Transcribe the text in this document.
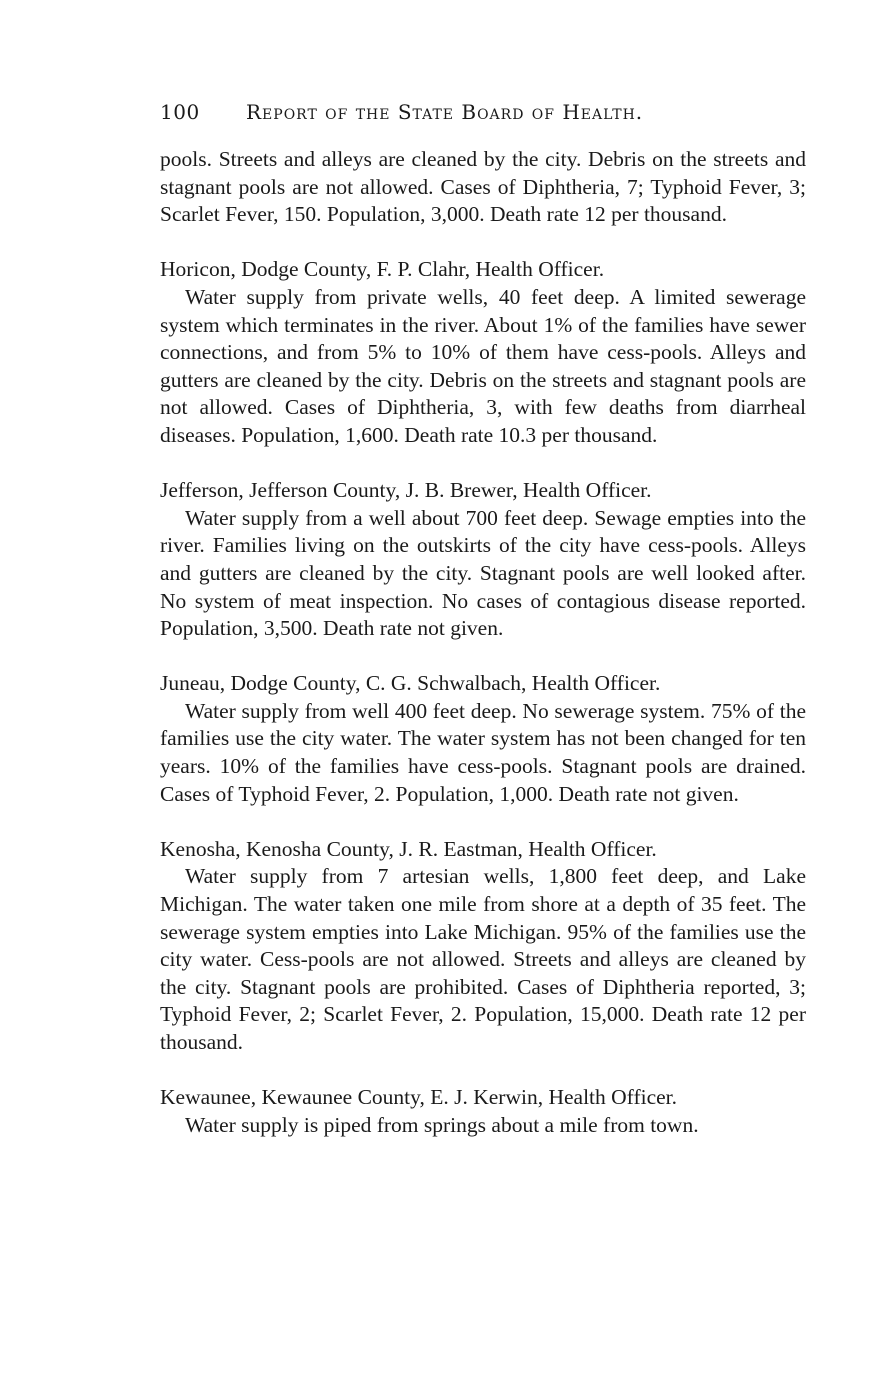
100	Report of the State Board of Health.

pools. Streets and alleys are cleaned by the city. Debris on the streets and stagnant pools are not allowed. Cases of Diphtheria, 7; Typhoid Fever, 3; Scarlet Fever, 150. Population, 3,000. Death rate 12 per thousand.

Horicon, Dodge County, F. P. Clahr, Health Officer.

Water supply from private wells, 40 feet deep. A limited sewerage system which terminates in the river. About 1% of the families have sewer connections, and from 5% to 10% of them have cess-pools. Alleys and gutters are cleaned by the city. Debris on the streets and stagnant pools are not allowed. Cases of Diphtheria, 3, with few deaths from diarrheal diseases. Population, 1,600. Death rate 10.3 per thousand.

Jefferson, Jefferson County, J. B. Brewer, Health Officer.

Water supply from a well about 700 feet deep. Sewage empties into the river. Families living on the outskirts of the city have cess-pools. Alleys and gutters are cleaned by the city. Stagnant pools are well looked after. No system of meat inspection. No cases of contagious disease reported. Population, 3,500. Death rate not given.

Juneau, Dodge County, C. G. Schwalbach, Health Officer.

Water supply from well 400 feet deep. No sewerage system. 75% of the families use the city water. The water system has not been changed for ten years. 10% of the families have cess-pools. Stagnant pools are drained. Cases of Typhoid Fever, 2. Population, 1,000. Death rate not given.

Kenosha, Kenosha County, J. R. Eastman, Health Officer.

Water supply from 7 artesian wells, 1,800 feet deep, and Lake Michigan. The water taken one mile from shore at a depth of 35 feet. The sewerage system empties into Lake Michigan. 95% of the families use the city water. Cess-pools are not allowed. Streets and alleys are cleaned by the city. Stagnant pools are prohibited. Cases of Diphtheria reported, 3; Typhoid Fever, 2; Scarlet Fever, 2. Population, 15,000. Death rate 12 per thousand.

Kewaunee, Kewaunee County, E. J. Kerwin, Health Officer.

Water supply is piped from springs about a mile from town.
